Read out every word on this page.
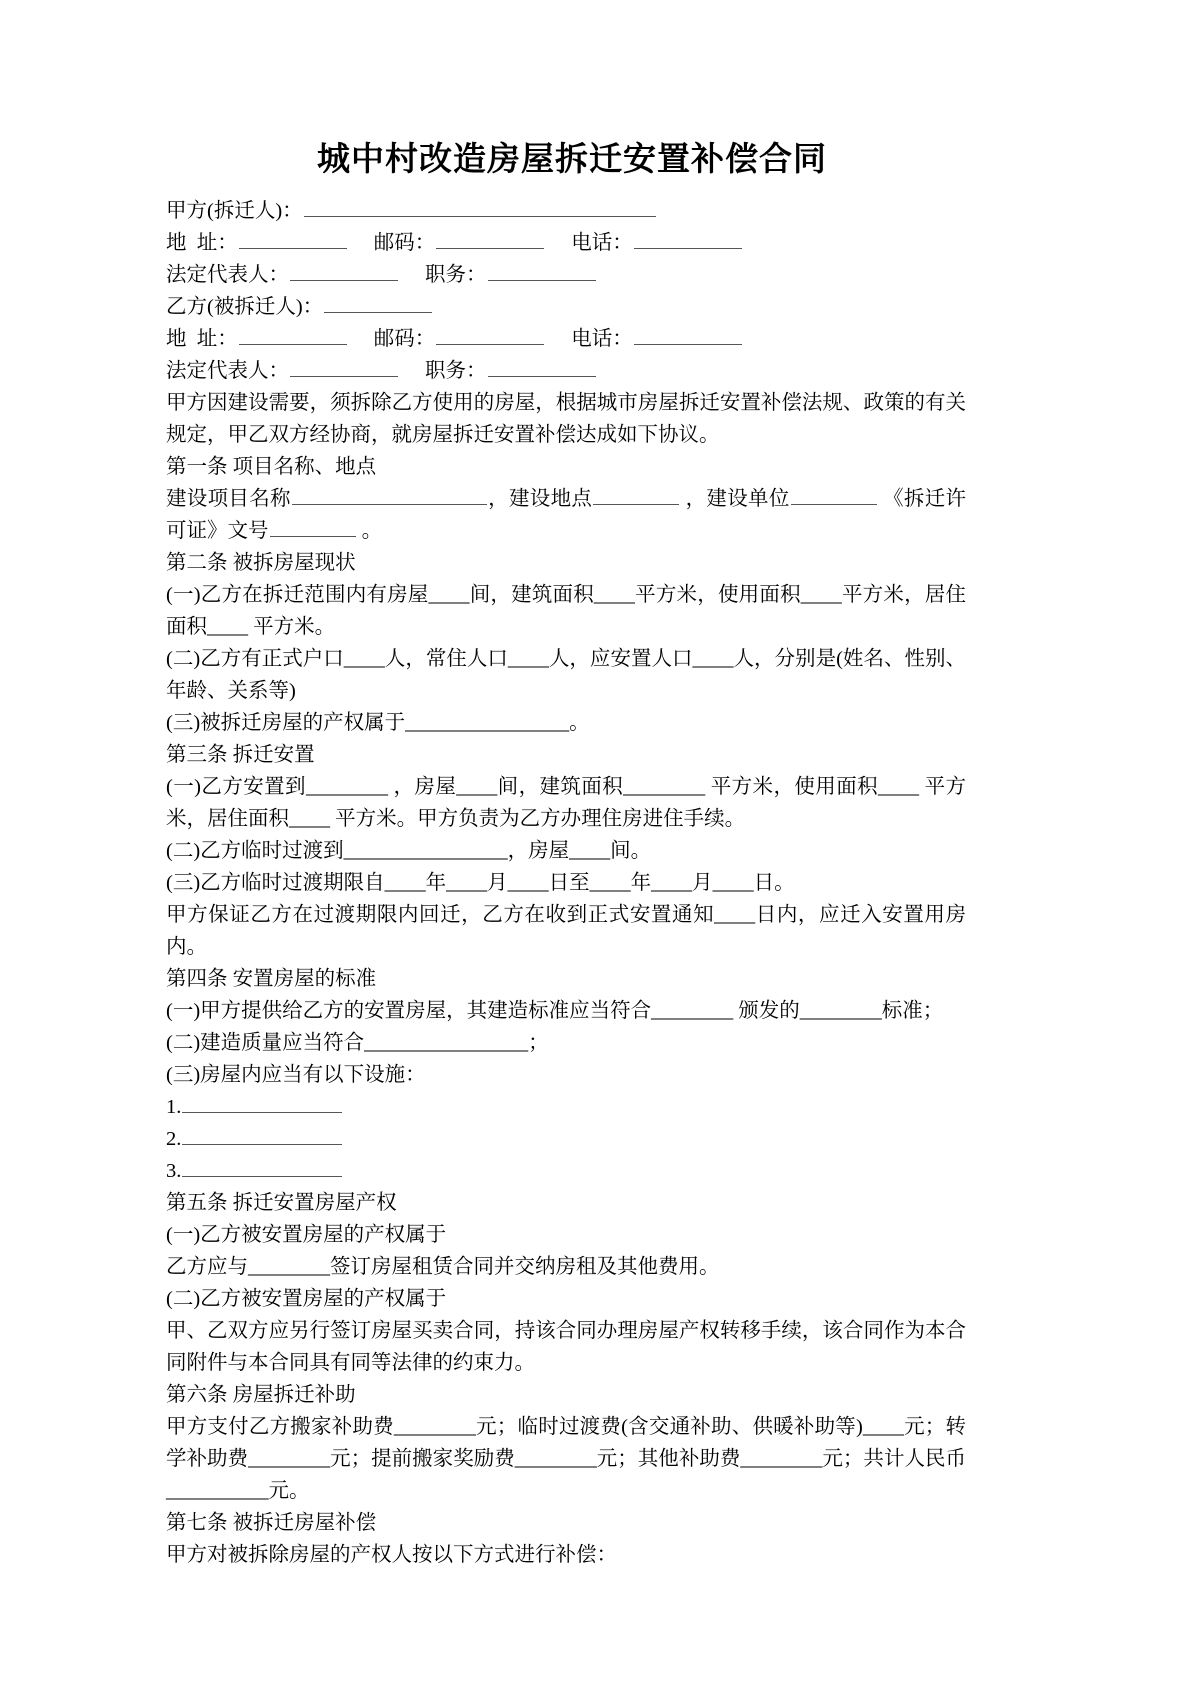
城中村改造房屋拆迁安置补偿合同

甲方(拆迁人)：

地  址：	邮码：	电话：

法定代表人：	职务：

乙方(被拆迁人)：

地  址：	邮码：	电话：

法定代表人：	职务：

甲方因建设需要，须拆除乙方使用的房屋，根据城市房屋拆迁安置补偿法规、政策的有关规定，甲乙双方经协商，就房屋拆迁安置补偿达成如下协议。

第一条 项目名称、地点

建设项目名称	，建设地点	，建设单位	《拆迁许可证》文号	。

第二条 被拆房屋现状

(一)乙方在拆迁范围内有房屋____间，建筑面积____平方米，使用面积____平方米，居住面积____ 平方米。

(二)乙方有正式户口____人，常住人口____人，应安置人口____人，分别是(姓名、性别、年龄、关系等)

(三)被拆迁房屋的产权属于________________。

第三条 拆迁安置

(一)乙方安置到________ ，房屋____间，建筑面积________ 平方米，使用面积____ 平方米，居住面积____ 平方米。甲方负责为乙方办理住房进住手续。

(二)乙方临时过渡到________________，房屋____间。

(三)乙方临时过渡期限自____年____月____日至____年____月____日。

甲方保证乙方在过渡期限内回迁，乙方在收到正式安置通知____日内，应迁入安置用房内。

第四条 安置房屋的标准

(一)甲方提供给乙方的安置房屋，其建造标准应当符合________ 颁发的________标准；

(二)建造质量应当符合________________；

(三)房屋内应当有以下设施：

1.

2.

3.

第五条 拆迁安置房屋产权

(一)乙方被安置房屋的产权属于

乙方应与________签订房屋租赁合同并交纳房租及其他费用。

(二)乙方被安置房屋的产权属于

甲、乙双方应另行签订房屋买卖合同，持该合同办理房屋产权转移手续，该合同作为本合同附件与本合同具有同等法律的约束力。

第六条 房屋拆迁补助

甲方支付乙方搬家补助费________元；临时过渡费(含交通补助、供暖补助等)____元；转学补助费________元；提前搬家奖励费________元；其他补助费________元；共计人民币__________元。

第七条 被拆迁房屋补偿

甲方对被拆除房屋的产权人按以下方式进行补偿：
